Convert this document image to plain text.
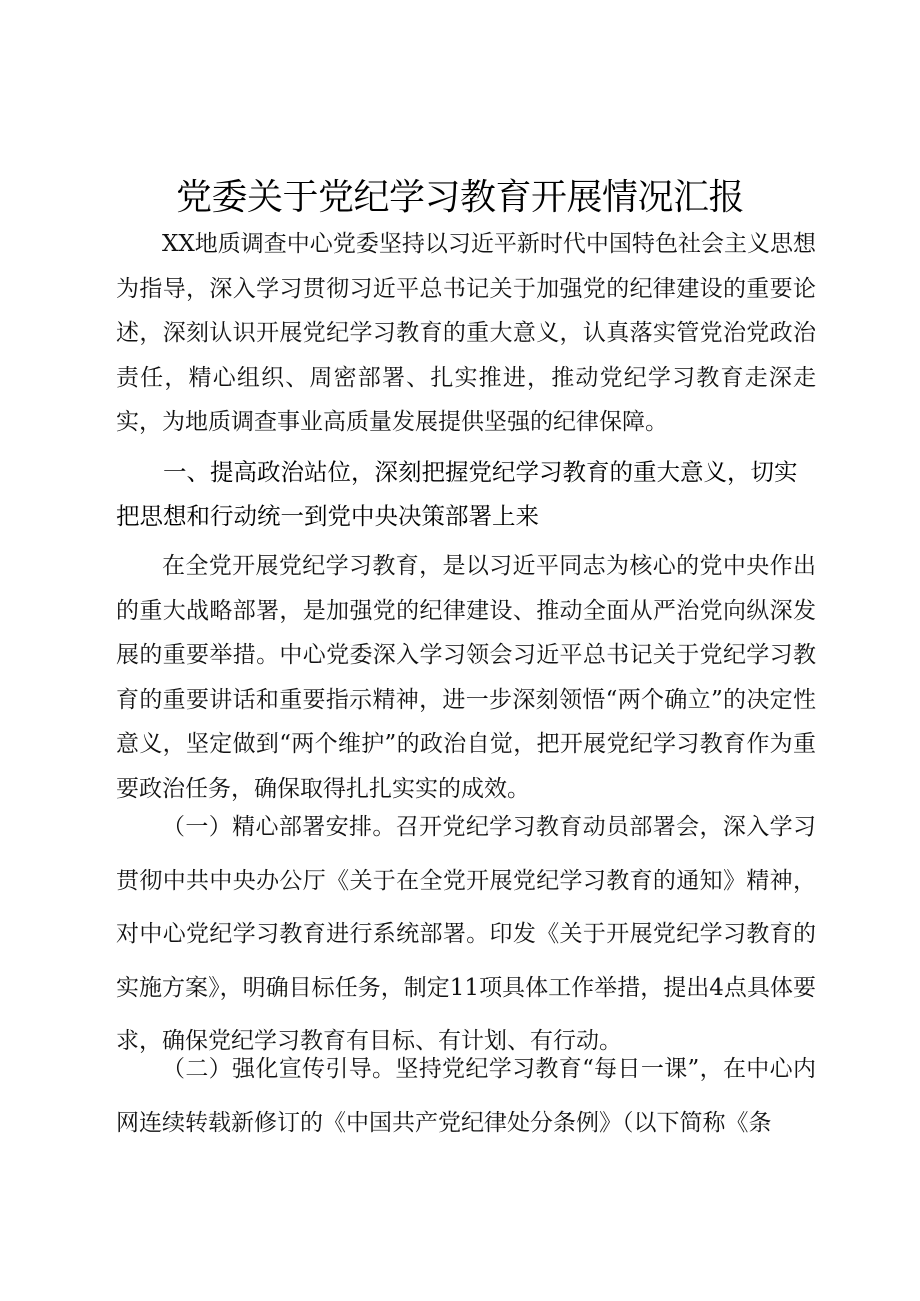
党委关于党纪学习教育开展情况汇报

XX地质调查中心党委坚持以习近平新时代中国特色社会主义思想为指导，深入学习贯彻习近平总书记关于加强党的纪律建设的重要论述，深刻认识开展党纪学习教育的重大意义，认真落实管党治党政治责任，精心组织、周密部署、扎实推进，推动党纪学习教育走深走实，为地质调查事业高质量发展提供坚强的纪律保障。

一、提高政治站位，深刻把握党纪学习教育的重大意义，切实把思想和行动统一到党中央决策部署上来

在全党开展党纪学习教育，是以习近平同志为核心的党中央作出的重大战略部署，是加强党的纪律建设、推动全面从严治党向纵深发展的重要举措。中心党委深入学习领会习近平总书记关于党纪学习教育的重要讲话和重要指示精神，进一步深刻领悟“两个确立”的决定性意义，坚定做到“两个维护”的政治自觉，把开展党纪学习教育作为重要政治任务，确保取得扎扎实实的成效。

（一）精心部署安排。召开党纪学习教育动员部署会，深入学习贯彻中共中央办公厅《关于在全党开展党纪学习教育的通知》精神，对中心党纪学习教育进行系统部署。印发《关于开展党纪学习教育的实施方案》，明确目标任务，制定11项具体工作举措，提出4点具体要求，确保党纪学习教育有目标、有计划、有行动。

（二）强化宣传引导。坚持党纪学习教育“每日一课”，在中心内网连续转载新修订的《中国共产党纪律处分条例》（以下简称《条
